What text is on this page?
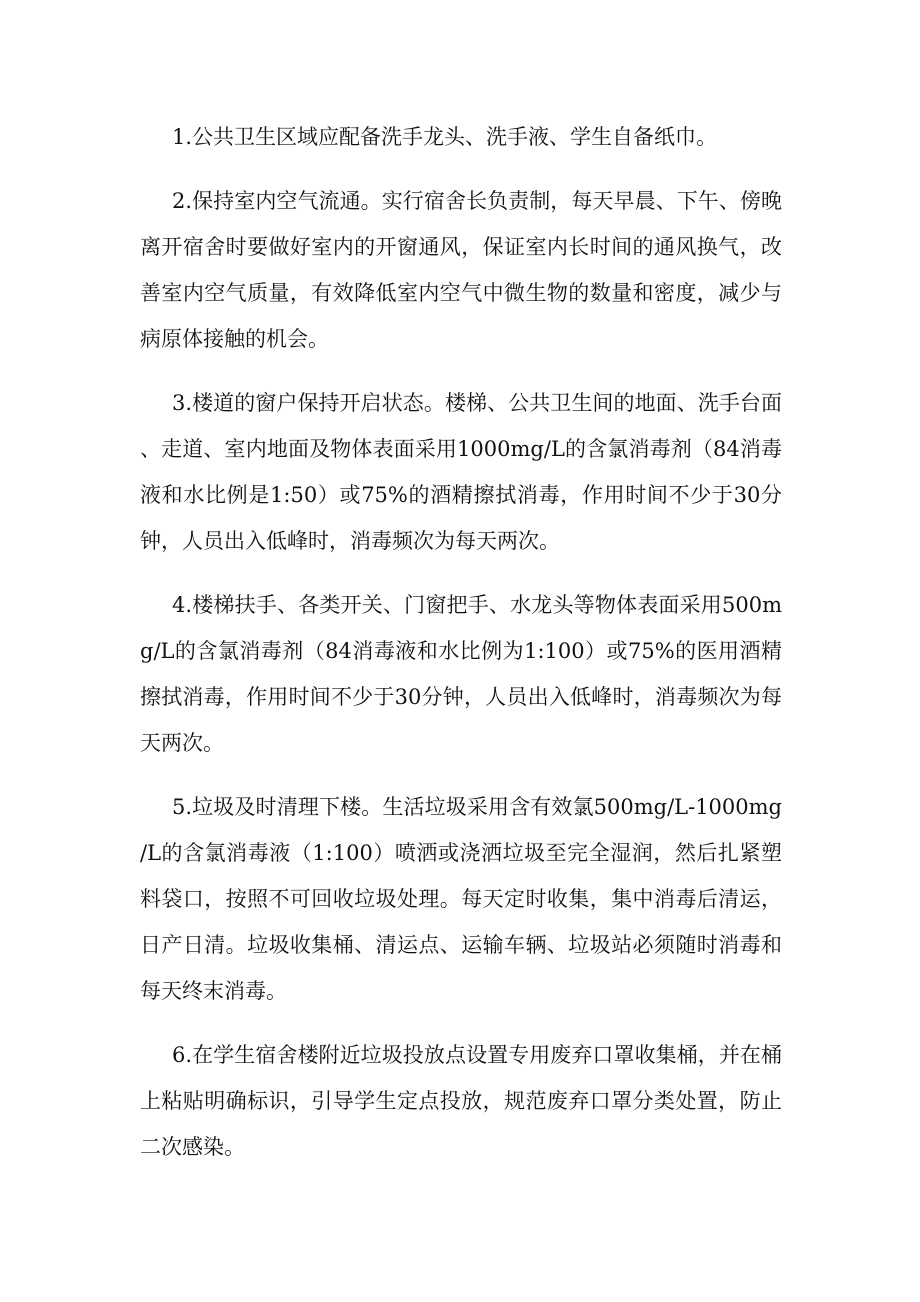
1.公共卫生区域应配备洗手龙头、洗手液、学生自备纸巾。

2.保持室内空气流通。实行宿舍长负责制，每天早晨、下午、傍晚离开宿舍时要做好室内的开窗通风，保证室内长时间的通风换气，改善室内空气质量，有效降低室内空气中微生物的数量和密度，减少与病原体接触的机会。

3.楼道的窗户保持开启状态。楼梯、公共卫生间的地面、洗手台面、走道、室内地面及物体表面采用1000mg/L的含氯消毒剂（84消毒液和水比例是1:50）或75%的酒精擦拭消毒，作用时间不少于30分钟，人员出入低峰时，消毒频次为每天两次。

4.楼梯扶手、各类开关、门窗把手、水龙头等物体表面采用500mg/L的含氯消毒剂（84消毒液和水比例为1:100）或75%的医用酒精擦拭消毒，作用时间不少于30分钟，人员出入低峰时，消毒频次为每天两次。

5.垃圾及时清理下楼。生活垃圾采用含有效氯500mg/L-1000mg/L的含氯消毒液（1:100）喷洒或浇洒垃圾至完全湿润，然后扎紧塑料袋口，按照不可回收垃圾处理。每天定时收集，集中消毒后清运，日产日清。垃圾收集桶、清运点、运输车辆、垃圾站必须随时消毒和每天终末消毒。

6.在学生宿舍楼附近垃圾投放点设置专用废弃口罩收集桶，并在桶上粘贴明确标识，引导学生定点投放，规范废弃口罩分类处置，防止二次感染。
